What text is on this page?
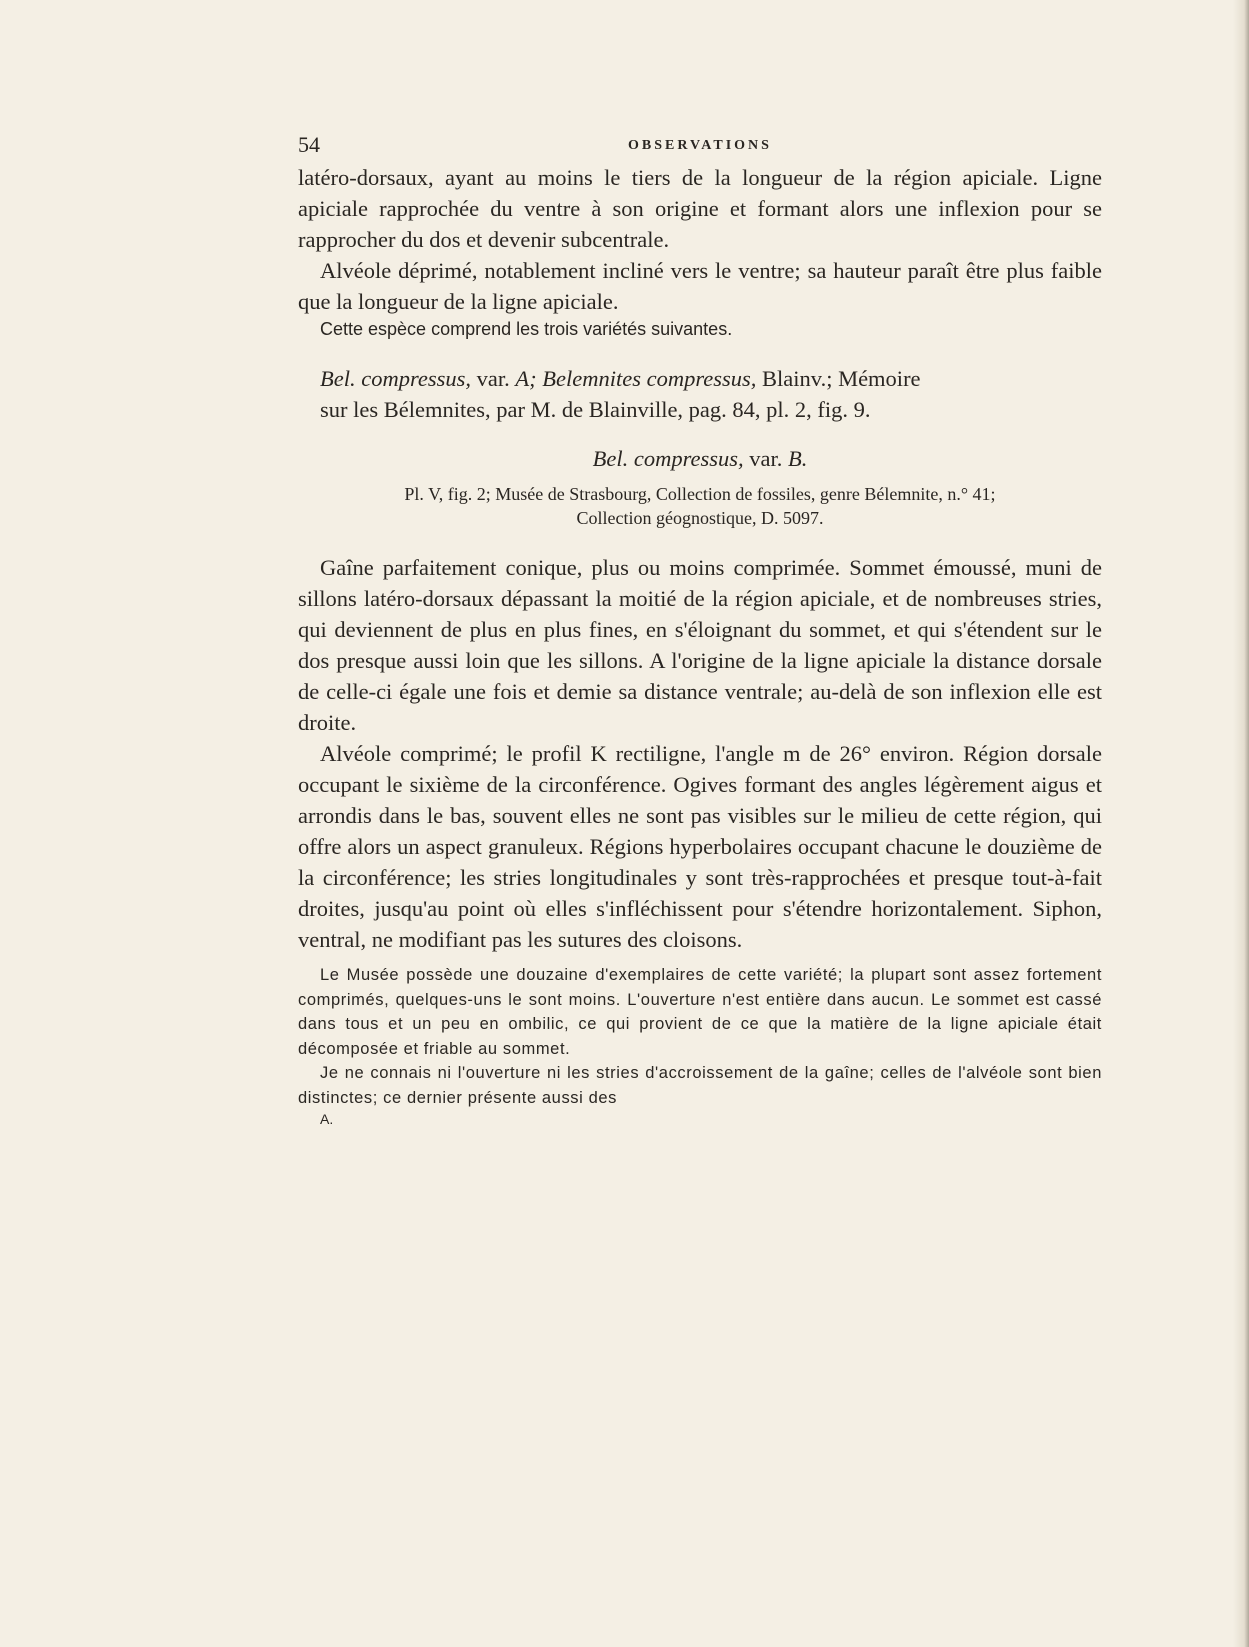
54	OBSERVATIONS

latéro-dorsaux, ayant au moins le tiers de la longueur de la région apiciale. Ligne apiciale rapprochée du ventre à son origine et formant alors une inflexion pour se rapprocher du dos et devenir subcentrale.

Alvéole déprimé, notablement incliné vers le ventre; sa hauteur paraît être plus faible que la longueur de la ligne apiciale.

Cette espèce comprend les trois variétés suivantes.

Bel. compressus, var. A; Belemnites compressus, Blainv.; Mémoire

sur les Bélemnites, par M. de Blainville, pag. 84, pl. 2, fig. 9.

Bel. compressus, var. B.

Pl. V, fig. 2; Musée de Strasbourg, Collection de fossiles, genre Bélemnite, n.° 41;

Collection géognostique, D. 5097.

Gaîne parfaitement conique, plus ou moins comprimée. Sommet émoussé, muni de sillons latéro-dorsaux dépassant la moitié de la région apiciale, et de nombreuses stries, qui deviennent de plus en plus fines, en s'éloignant du sommet, et qui s'étendent sur le dos presque aussi loin que les sillons. A l'origine de la ligne apiciale la distance dorsale de celle-ci égale une fois et demie sa distance ventrale; au-delà de son inflexion elle est droite.

Alvéole comprimé; le profil K rectiligne, l'angle m de 26° environ. Région dorsale occupant le sixième de la circonférence. Ogives formant des angles légèrement aigus et arrondis dans le bas, souvent elles ne sont pas visibles sur le milieu de cette région, qui offre alors un aspect granuleux. Régions hyperbolaires occupant chacune le douzième de la circonférence; les stries longitudinales y sont très-rapprochées et presque tout-à-fait droites, jusqu'au point où elles s'infléchissent pour s'étendre horizontalement. Siphon, ventral, ne modifiant pas les sutures des cloisons.

Le Musée possède une douzaine d'exemplaires de cette variété; la plupart sont assez fortement comprimés, quelques-uns le sont moins. L'ouverture n'est entière dans aucun. Le sommet est cassé dans tous et un peu en ombilic, ce qui provient de ce que la matière de la ligne apiciale était décomposée et friable au sommet.

Je ne connais ni l'ouverture ni les stries d'accroissement de la gaîne; celles de l'alvéole sont bien distinctes; ce dernier présente aussi des

A.
